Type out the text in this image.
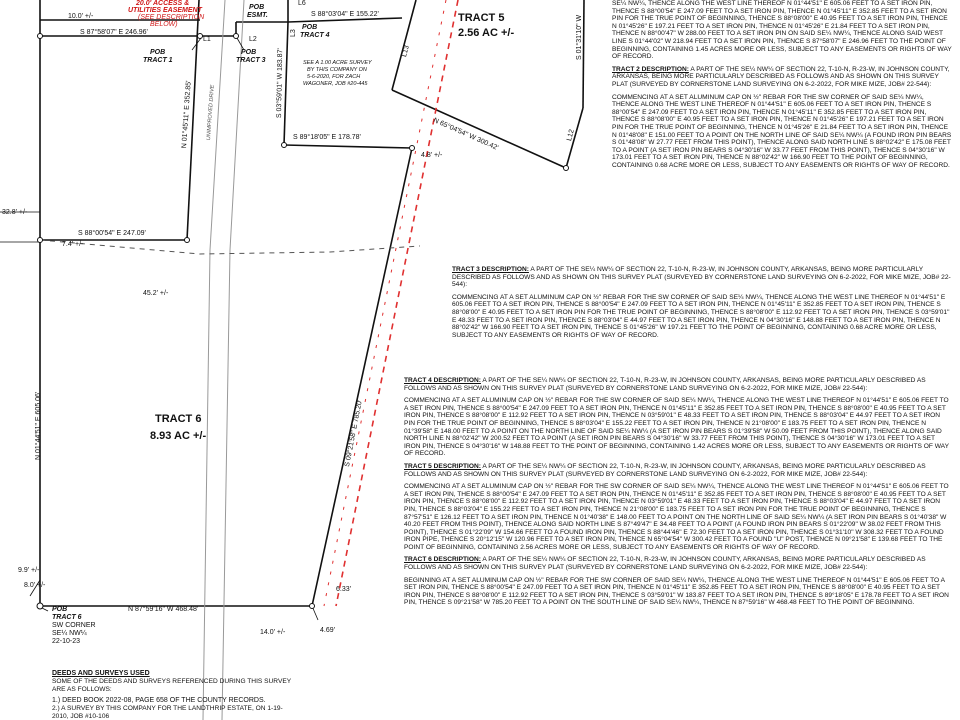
TRACT 5
2.56 AC +/-
TRACT 6
8.93 AC +/-
20.0' ACCESS &
UTILITIES EASEMENT
(SEE DESCRIPTION
BELOW)
POB
TRACT 1
POB
TRACT 3
POB
TRACT 4
POB
ESMT.
POB
TRACT 6
SW CORNER
SE¼ NW¼
22-10-23
SEE A 1.00 ACRE SURVEY
BY THIS COMPANY ON
5-6-2020, FOR ZACH
WAGONER, JOB #20-445
UNIMPROVED DRIVE
L1	L2
L3
L6
L12
L13
10.0' +/-
S 87°58'07" E 246.96'
S 88°03'04" E 155.22'
N 01°45'11" E 352.85'	S 03°59'01" W 183.87'
S 89°18'05" E 178.78'	N 65°04'54" W 300.42'
S 88°00'54" E 247.09'
32.8' +/-
7.4' +/-
45.2' +/-
4.8' +/-
N 01°44'51" E 605.06'	S 09°21'58" E 785.20'
N 87°59'16" W 468.48'
9.9' +/-
8.0' +/-
6.33'
14.0' +/-	4.69'
S 01°31'10" W
DEEDS AND SURVEYS USED
SOME OF THE DEEDS AND SURVEYS REFERENCED DURING THIS SURVEY ARE AS FOLLOWS:
1.) DEED BOOK 2022-08, PAGE 658 OF THE COUNTY RECORDS.
2.) A SURVEY BY THIS COMPANY FOR THE LANDTHRIP ESTATE, ON 1-19-2010, JOB #10-106

SE¼ NW¼, THENCE ALONG THE WEST LINE THEREOF N 01°44'51" E 605.06 FEET TO A SET IRON PIN, THENCE S 88°00'54" E 247.09 FEET TO A SET IRON PIN, THENCE N 01°45'11" E 352.85 FEET TO A SET IRON PIN FOR THE TRUE POINT OF BEGINNING, THENCE S 88°08'00" E 40.95 FEET TO A SET IRON PIN, THENCE N 01°45'26" E 197.21 FEET TO A SET IRON PIN, THENCE N 01°45'26" E 21.84 FEET TO A SET IRON PIN, THENCE N 88°00'47" W 288.00 FEET TO A SET IRON PIN ON SAID SE¼ NW¼, THENCE ALONG SAID WEST LINE S 01°44'02" W 218.94 FEET TO A SET IRON PIN, THENCE S 87°58'07" E 246.96 FEET TO THE POINT OF BEGINNING, CONTAINING 1.45 ACRES MORE OR LESS, SUBJECT TO ANY EASEMENTS OR RIGHTS OF WAY OF RECORD.

TRACT 2 DESCRIPTION: A PART OF THE SE¼ NW¼ OF SECTION 22, T-10-N, R-23-W, IN JOHNSON COUNTY, ARKANSAS, BEING MORE PARTICULARLY DESCRIBED AS FOLLOWS AND AS SHOWN ON THIS SURVEY PLAT (SURVEYED BY CORNERSTONE LAND SURVEYING ON 6-2-2022, FOR MIKE MIZE, JOB# 22-544):

COMMENCING AT A SET ALUMINUM CAP ON ½" REBAR FOR THE SW CORNER OF SAID SE¼ NW¼, THENCE ALONG THE WEST LINE THEREOF N 01°44'51" E 605.06 FEET TO A SET IRON PIN, THENCE S 88°00'54" E 247.09 FEET TO A SET IRON PIN, THENCE N 01°45'11" E 352.85 FEET TO A SET IRON PIN, THENCE S 88°08'00" E 40.95 FEET TO A SET IRON PIN, THENCE N 01°45'26" E 197.21 FEET TO A SET IRON PIN FOR THE TRUE POINT OF BEGINNING, THENCE N 01°45'26" E 21.84 FEET TO A SET IRON PIN, THENCE N 01°48'08" E 151.00 FEET TO A POINT ON THE NORTH LINE OF SAID SE¼ NW¼ (A FOUND IRON PIN BEARS S 01°48'08" W 27.77 FEET FROM THIS POINT), THENCE ALONG SAID NORTH LINE S 88°02'42" E 175.08 FEET TO A POINT (A SET IRON PIN BEARS S 04°30'16" W 33.77 FEET FROM THIS POINT), THENCE S 04°30'16" W 173.01 FEET TO A SET IRON PIN, THENCE N 88°02'42" W 166.90 FEET TO THE POINT OF BEGINNING, CONTAINING 0.68 ACRE MORE OR LESS, SUBJECT TO ANY EASEMENTS OR RIGHTS OF WAY OF RECORD.

TRACT 3 DESCRIPTION: A PART OF THE SE¼ NW¼ OF SECTION 22, T-10-N, R-23-W, IN JOHNSON COUNTY, ARKANSAS, BEING MORE PARTICULARLY DESCRIBED AS FOLLOWS AND AS SHOWN ON THIS SURVEY PLAT (SURVEYED BY CORNERSTONE LAND SURVEYING ON 6-2-2022, FOR MIKE MIZE, JOB# 22-544):

COMMENCING AT A SET ALUMINUM CAP ON ½" REBAR FOR THE SW CORNER OF SAID SE¼ NW¼, THENCE ALONG THE WEST LINE THEREOF N 01°44'51" E 605.06 FEET TO A SET IRON PIN, THENCE S 88°00'54" E 247.09 FEET TO A SET IRON PIN, THENCE N 01°45'11" E 352.85 FEET TO A SET IRON PIN, THENCE S 88°08'00" E 40.95 FEET TO A SET IRON PIN FOR THE TRUE POINT OF BEGINNING, THENCE S 88°08'00" E 112.92 FEET TO A SET IRON PIN, THENCE S 03°59'01" E 48.33 FEET TO A SET IRON PIN, THENCE S 88°03'04" E 44.97 FEET TO A SET IRON PIN, THENCE N 04°30'16" E 148.88 FEET TO A SET IRON PIN, THENCE N 88°02'42" W 166.90 FEET TO A SET IRON PIN, THENCE S 01°45'26" W 197.21 FEET TO THE POINT OF BEGINNING, CONTAINING 0.68 ACRE MORE OR LESS, SUBJECT TO ANY EASEMENTS OR RIGHTS OF WAY OF RECORD.

TRACT 4 DESCRIPTION: A PART OF THE SE¼ NW¼ OF SECTION 22, T-10-N, R-23-W, IN JOHNSON COUNTY, ARKANSAS, BEING MORE PARTICULARLY DESCRIBED AS FOLLOWS AND AS SHOWN ON THIS SURVEY PLAT (SURVEYED BY CORNERSTONE LAND SURVEYING ON 6-2-2022, FOR MIKE MIZE, JOB# 22-544):

COMMENCING AT A SET ALUMINUM CAP ON ½" REBAR FOR THE SW CORNER OF SAID SE¼ NW¼, THENCE ALONG THE WEST LINE THEREOF N 01°44'51" E 605.06 FEET TO A SET IRON PIN, THENCE S 88°00'54" E 247.09 FEET TO A SET IRON PIN, THENCE N 01°45'11" E 352.85 FEET TO A SET IRON PIN, THENCE S 88°08'00" E 40.95 FEET TO A SET IRON PIN, THENCE S 88°08'00" E 112.92 FEET TO A SET IRON PIN, THENCE N 03°59'01" E 48.33 FEET TO A SET IRON PIN, THENCE S 88°03'04" E 44.97 FEET TO A SET IRON PIN FOR THE TRUE POINT OF BEGINNING, THENCE S 88°03'04" E 155.22 FEET TO A SET IRON PIN, THENCE N 21°08'00" E 183.75 FEET TO A SET IRON PIN, THENCE N 01°39'58" E 148.00 FEET TO A POINT ON THE NORTH LINE OF SAID SE¼ NW¼ (A SET IRON PIN BEARS S 01°39'58" W 50.09 FEET FROM THIS POINT), THENCE ALONG SAID NORTH LINE N 88°02'42" W 200.52 FEET TO A POINT (A SET IRON PIN BEARS S 04°30'16" W 33.77 FEET FROM THIS POINT), THENCE S 04°30'16" W 173.01 FEET TO A SET IRON PIN, THENCE S 04°30'16" W 148.88 FEET TO THE POINT OF BEGINNING, CONTAINING 1.42 ACRES MORE OR LESS, SUBJECT TO ANY EASEMENTS OR RIGHTS OF WAY OF RECORD.

TRACT 5 DESCRIPTION: A PART OF THE SE¼ NW¼ OF SECTION 22, T-10-N, R-23-W, IN JOHNSON COUNTY, ARKANSAS, BEING MORE PARTICULARLY DESCRIBED AS FOLLOWS AND AS SHOWN ON THIS SURVEY PLAT (SURVEYED BY CORNERSTONE LAND SURVEYING ON 6-2-2022, FOR MIKE MIZE, JOB# 22-544):

COMMENCING AT A SET ALUMINUM CAP ON ½" REBAR FOR THE SW CORNER OF SAID SE¼ NW¼, THENCE ALONG THE WEST LINE THEREOF N 01°44'51" E 605.06 FEET TO A SET IRON PIN, THENCE S 88°00'54" E 247.09 FEET TO A SET IRON PIN, THENCE N 01°45'11" E 352.85 FEET TO A SET IRON PIN, THENCE S 88°08'00" E 40.95 FEET TO A SET IRON PIN, THENCE S 88°08'00" E 112.92 FEET TO A SET IRON PIN, THENCE N 03°59'01" E 48.33 FEET TO A SET IRON PIN, THENCE S 88°03'04" E 44.97 FEET TO A SET IRON PIN, THENCE S 88°03'04" E 155.22 FEET TO A SET IRON PIN, THENCE N 21°08'00" E 183.75 FEET TO A SET IRON PIN FOR THE TRUE POINT OF BEGINNING, THENCE S 87°57'51" E 126.12 FEET TO A SET IRON PIN, THENCE N 01°40'38" E 148.00 FEET TO A POINT ON THE NORTH LINE OF SAID SE¼ NW¼ (A SET IRON PIN BEARS S 01°40'38" W 40.20 FEET FROM THIS POINT), THENCE ALONG SAID NORTH LINE S 87°49'47" E 34.48 FEET TO A POINT (A FOUND IRON PIN BEARS S 01°22'09" W 38.02 FEET FROM THIS POINT), THENCE S 01°22'09" W 154.66 FEET TO A FOUND IRON PIN, THENCE S 88°44'46" E 72.30 FEET TO A SET IRON PIN, THENCE S 01°31'10" W 308.32 FEET TO A FOUND IRON PIPE, THENCE S 20°12'15" W 120.96 FEET TO A SET IRON PIN, THENCE N 65°04'54" W 300.42 FEET TO A FOUND "U" POST, THENCE N 09°21'58" E 139.68 FEET TO THE POINT OF BEGINNING, CONTAINING 2.56 ACRES MORE OR LESS, SUBJECT TO ANY EASEMENTS OR RIGHTS OF WAY OF RECORD.

TRACT 6 DESCRIPTION: A PART OF THE SE¼ NW¼ OF SECTION 22, T-10-N, R-23-W, IN JOHNSON COUNTY, ARKANSAS, BEING MORE PARTICULARLY DESCRIBED AS FOLLOWS AND AS SHOWN ON THIS SURVEY PLAT (SURVEYED BY CORNERSTONE LAND SURVEYING ON 6-2-2022, FOR MIKE MIZE, JOB# 22-544):

BEGINNING AT A SET ALUMINUM CAP ON ½" REBAR FOR THE SW CORNER OF SAID SE¼ NW¼, THENCE ALONG THE WEST LINE THEREOF N 01°44'51" E 605.06 FEET TO A SET IRON PIN, THENCE S 88°00'54" E 247.09 FEET TO A SET IRON PIN, THENCE N 01°45'11" E 352.85 FEET TO A SET IRON PIN, THENCE S 88°08'00" E 40.95 FEET TO A SET IRON PIN, THENCE S 88°08'00" E 112.92 FEET TO A SET IRON PIN, THENCE S 03°59'01" W 183.87 FEET TO A SET IRON PIN, THENCE S 89°18'05" E 178.78 FEET TO A SET IRON PIN, THENCE S 09°21'58" W 785.20 FEET TO A POINT ON THE SOUTH LINE OF SAID SE¼ NW¼, THENCE N 87°59'16" W 468.48 FEET TO THE POINT OF BEGINNING.
